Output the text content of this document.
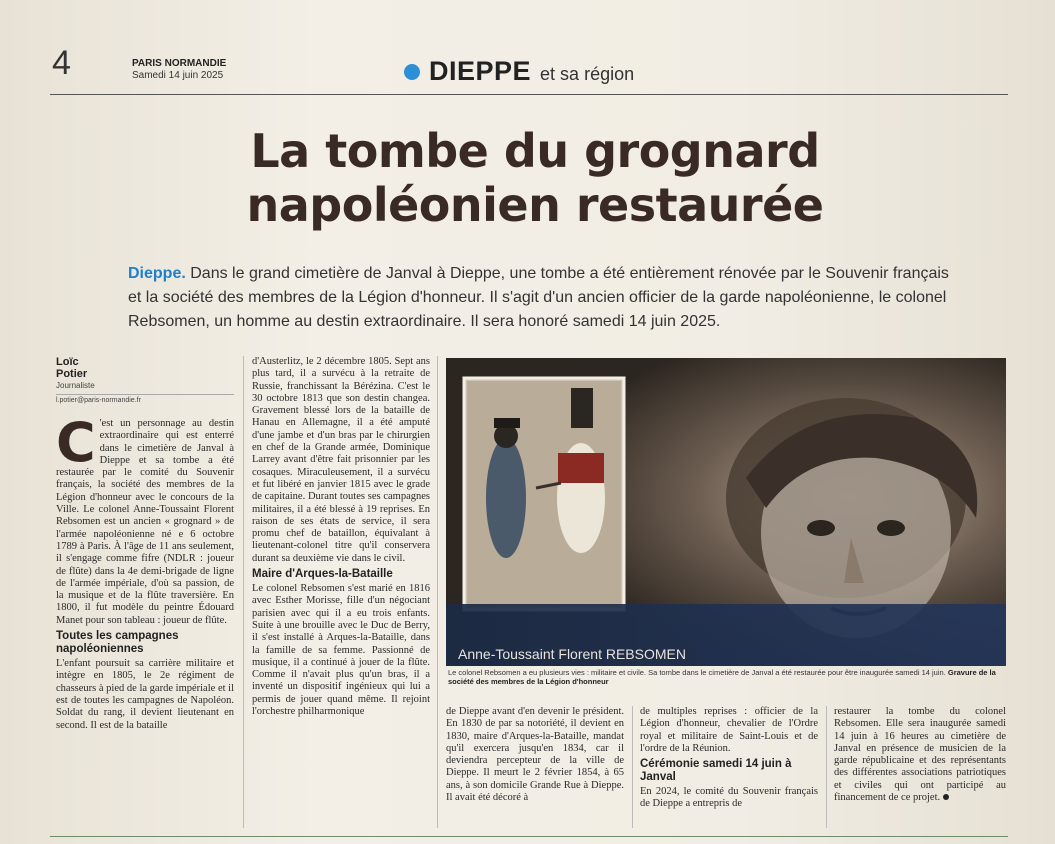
4	PARIS NORMANDIE
Samedi 14 juin 2025	DIEPPE et sa région
La tombe du grognard
napoléonien restaurée
Dieppe. Dans le grand cimetière de Janval à Dieppe, une tombe a été entièrement rénovée par le Souvenir français et la société des membres de la Légion d'honneur. Il s'agit d'un ancien officier de la garde napoléonienne, le colonel Rebsomen, un homme au destin extraordinaire. Il sera honoré samedi 14 juin 2025.
Loïc
Potier
Journaliste
l.potier@paris-normandie.fr
C 'est un personnage au destin extraordinaire qui est enterré dans le cimetière de Janval à Dieppe et sa tombe a été restaurée par le comité du Souvenir français, la société des membres de la Légion d'honneur avec le concours de la Ville. Le colonel Anne-Toussaint Florent Rebsomen est un ancien « grognard » de l'armée napoléonienne né e 6 octobre 1789 à Paris. À l'âge de 11 ans seulement, il s'engage comme fifre (NDLR : joueur de flûte) dans la 4e demi-brigade de ligne de l'armée impériale, d'où sa passion, de la musique et de la flûte traversière. En 1800, il fut modèle du peintre Édouard Manet pour son tableau : joueur de flûte.
Toutes les campagnes napoléoniennes
L'enfant poursuit sa carrière militaire et intègre en 1805, le 2e régiment de chasseurs à pied de la garde impériale et il est de toutes les campagnes de Napoléon. Soldat du rang, il devient lieutenant en second. Il est de la bataille
d'Austerlitz, le 2 décembre 1805. Sept ans plus tard, il a survécu à la retraite de Russie, franchissant la Bérézina. C'est le 30 octobre 1813 que son destin changea. Gravement blessé lors de la bataille de Hanau en Allemagne, il a été amputé d'une jambe et d'un bras par le chirurgien en chef de la Grande armée, Dominique Larrey avant d'être fait prisonnier par les cosaques. Miraculeusement, il a survécu et fut libéré en janvier 1815 avec le grade de capitaine. Durant toutes ses campagnes militaires, il a été blessé à 19 reprises. En raison de ses états de service, il sera promu chef de bataillon, équivalant à lieutenant-colonel titre qu'il conservera durant sa deuxième vie dans le civil.
Maire d'Arques-la-Bataille
Le colonel Rebsomen s'est marié en 1816 avec Esther Morisse, fille d'un négociant parisien avec qui il a eu trois enfants. Suite à une brouille avec le Duc de Berry, il s'est installé à Arques-la-Bataille, dans la famille de sa femme. Passionné de musique, il a continué à jouer de la flûte. Comme il n'avait plus qu'un bras, il a inventé un dispositif ingénieux qui lui a permis de jouer quand même. Il rejoint l'orchestre philharmonique
Anne-Toussaint Florent REBSOMEN
Le colonel Rebsomen a eu plusieurs vies : militaire et civile. Sa tombe dans le cimetière de Janval a été restaurée pour être inaugurée samedi 14 juin. Gravure de la société des membres de la Légion d'honneur
de Dieppe avant d'en devenir le président. En 1830 de par sa notoriété, il devient en 1830, maire d'Arques-la-Bataille, mandat qu'il exercera jusqu'en 1834, car il deviendra percepteur de la ville de Dieppe. Il meurt le 2 février 1854, à 65 ans, à son domicile Grande Rue à Dieppe. Il avait été décoré à
de multiples reprises : officier de la Légion d'honneur, chevalier de l'Ordre royal et militaire de Saint-Louis et de l'ordre de la Réunion.
Cérémonie samedi 14 juin à Janval
En 2024, le comité du Souvenir français de Dieppe a entrepris de
restaurer la tombe du colonel Rebsomen. Elle sera inaugurée samedi 14 juin à 16 heures au cimetière de Janval en présence de musicien de la garde républicaine et des représentants des différentes associations patriotiques et civiles qui ont participé au financement de ce projet.
